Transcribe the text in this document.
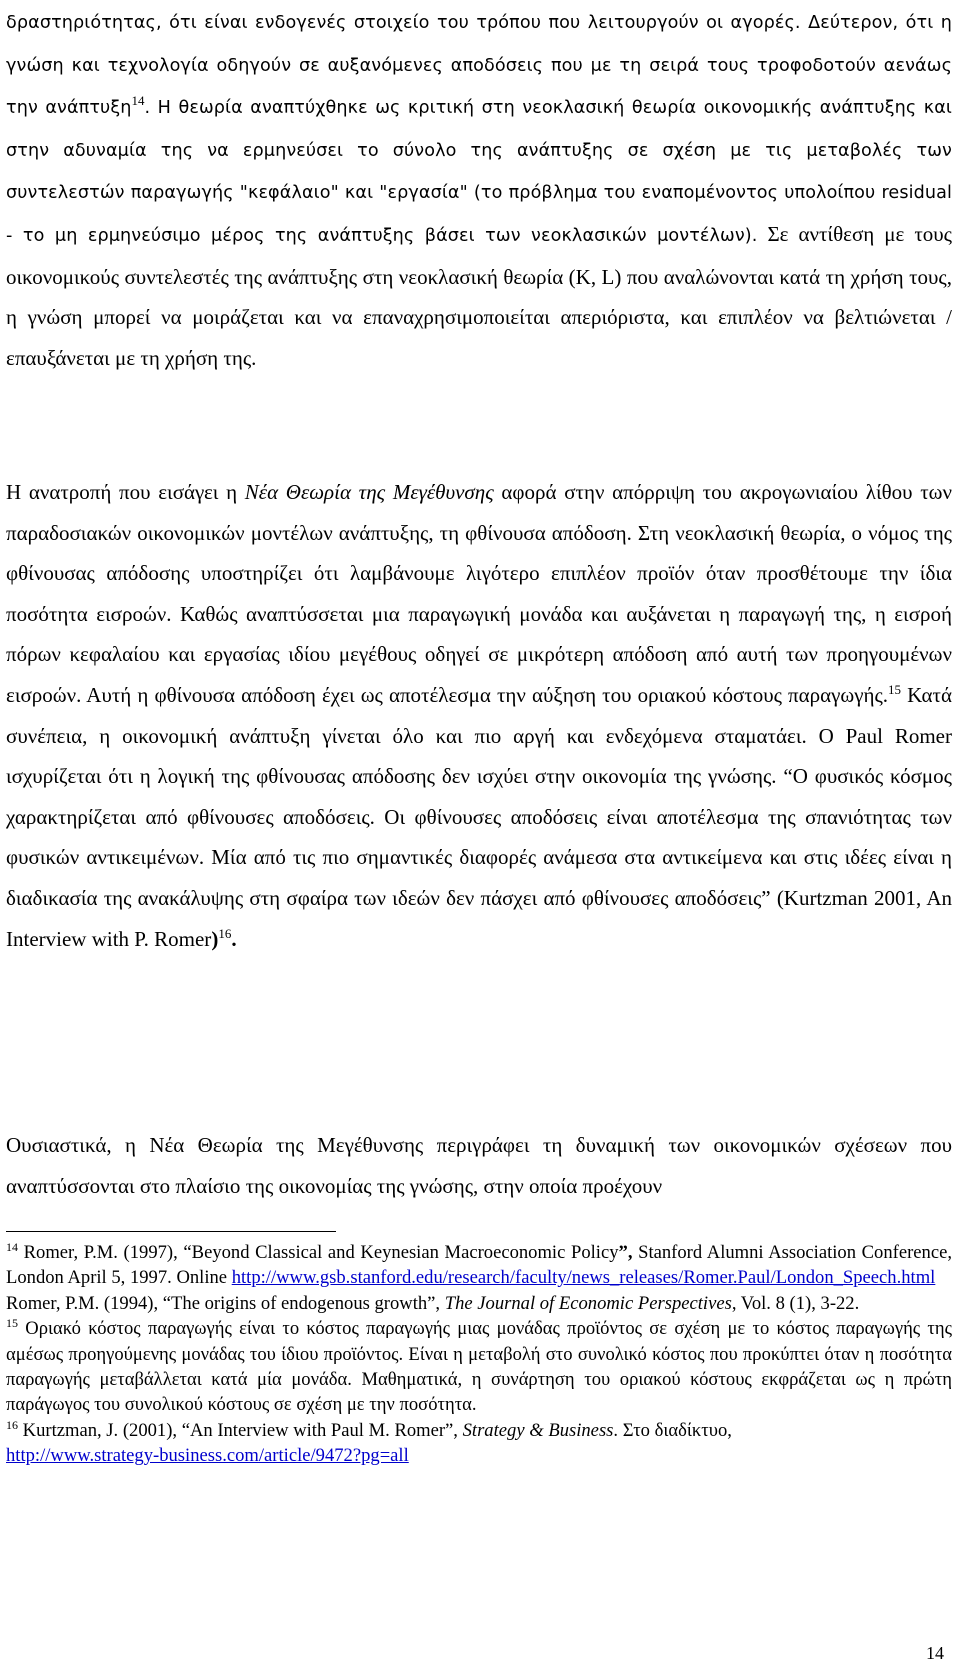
δραστηριότητας, ότι είναι ενδογενές στοιχείο του τρόπου που λειτουργούν οι αγορές. Δεύτερον, ότι η γνώση και τεχνολογία οδηγούν σε αυξανόμενες αποδόσεις που με τη σειρά τους τροφοδοτούν αενάως την ανάπτυξη$^{14}$. Η θεωρία αναπτύχθηκε ως κριτική στη νεοκλασική θεωρία οικονομικής ανάπτυξης και στην αδυναμία της να ερμηνεύσει το σύνολο της ανάπτυξης σε σχέση με τις μεταβολές των συντελεστών παραγωγής "κεφάλαιο" και "εργασία" (το πρόβλημα του εναπομένοντος υπολοίπου residual - το μη ερμηνεύσιμο μέρος της ανάπτυξης βάσει των νεοκλασικών μοντέλων). Σε αντίθεση με τους οικονομικούς συντελεστές της ανάπτυξης στη νεοκλασική θεωρία (K, L) που αναλώνονται κατά τη χρήση τους, η γνώση μπορεί να μοιράζεται και να επαναχρησιμοποιείται απεριόριστα, και επιπλέον να βελτιώνεται / επαυξάνεται με τη χρήση της.

Η ανατροπή που εισάγει η Νέα Θεωρία της Μεγέθυνσης αφορά στην απόρριψη του ακρογωνιαίου λίθου των παραδοσιακών οικονομικών μοντέλων ανάπτυξης, τη φθίνουσα απόδοση. Στη νεοκλασική θεωρία, ο νόμος της φθίνουσας απόδοσης υποστηρίζει ότι λαμβάνουμε λιγότερο επιπλέον προϊόν όταν προσθέτουμε την ίδια ποσότητα εισροών. Καθώς αναπτύσσεται μια παραγωγική μονάδα και αυξάνεται η παραγωγή της, η εισροή πόρων κεφαλαίου και εργασίας ιδίου μεγέθους οδηγεί σε μικρότερη απόδοση από αυτή των προηγουμένων εισροών. Αυτή η φθίνουσα απόδοση έχει ως αποτέλεσμα την αύξηση του οριακού κόστους παραγωγής.$^{15}$ Κατά συνέπεια, η οικονομική ανάπτυξη γίνεται όλο και πιο αργή και ενδεχόμενα σταματάει. Ο Paul Romer ισχυρίζεται ότι η λογική της φθίνουσας απόδοσης δεν ισχύει στην οικονομία της γνώσης. “Ο φυσικός κόσμος χαρακτηρίζεται από φθίνουσες αποδόσεις. Οι φθίνουσες αποδόσεις είναι αποτέλεσμα της σπανιότητας των φυσικών αντικειμένων. Μία από τις πιο σημαντικές διαφορές ανάμεσα στα αντικείμενα και στις ιδέες είναι η διαδικασία της ανακάλυψης στη σφαίρα των ιδεών δεν πάσχει από φθίνουσες αποδόσεις” (Kurtzman 2001, An Interview with P. Romer)$^{16}$.

Ουσιαστικά, η Νέα Θεωρία της Μεγέθυνσης περιγράφει τη δυναμική των οικονομικών σχέσεων που αναπτύσσονται στο πλαίσιο της οικονομίας της γνώσης, στην οποία προέχουν

$^{14}$ Romer, P.M. (1997), “Beyond Classical and Keynesian Macroeconomic Policy”, Stanford Alumni Association Conference, London April 5, 1997. Online http://www.gsb.stanford.edu/research/faculty/news_releases/Romer.Paul/London_Speech.html
Romer, P.M. (1994), “The origins of endogenous growth”, The Journal of Economic Perspectives, Vol. 8 (1), 3-22.

$^{15}$ Οριακό κόστος παραγωγής είναι το κόστος παραγωγής μιας μονάδας προϊόντος σε σχέση με το κόστος παραγωγής της αμέσως προηγούμενης μονάδας του ίδιου προϊόντος. Είναι η μεταβολή στο συνολικό κόστος που προκύπτει όταν η ποσότητα παραγωγής μεταβάλλεται κατά μία μονάδα. Μαθηματικά, η συνάρτηση του οριακού κόστους εκφράζεται ως η πρώτη παράγωγος του συνολικού κόστους σε σχέση με την ποσότητα.

$^{16}$ Kurtzman, J. (2001), “An Interview with Paul M. Romer”, Strategy & Business. Στο διαδίκτυο,
http://www.strategy-business.com/article/9472?pg=all

14
